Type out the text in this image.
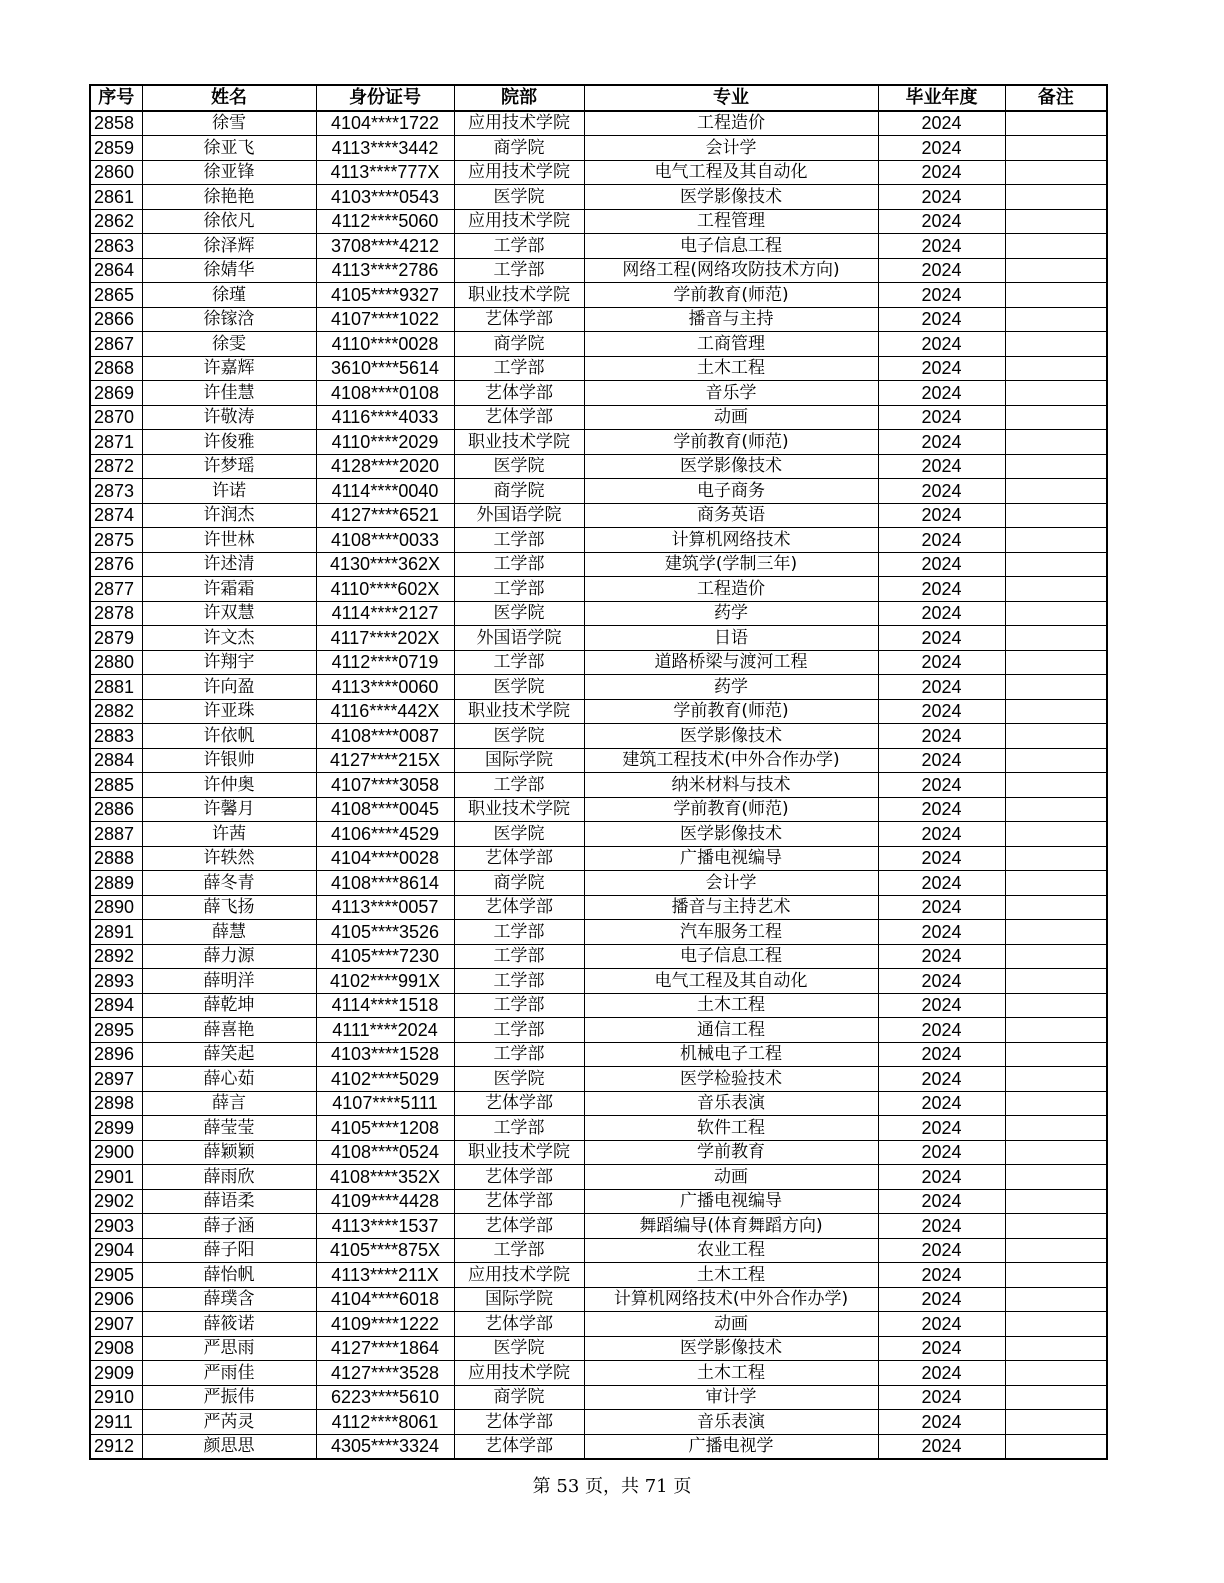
序号	姓名	身份证号	院部	专业	毕业年度	备注
2858	徐雪	4104****1722	应用技术学院	工程造价	2024	
2859	徐亚飞	4113****3442	商学院	会计学	2024	
2860	徐亚锋	4113****777X	应用技术学院	电气工程及其自动化	2024	
2861	徐艳艳	4103****0543	医学院	医学影像技术	2024	
2862	徐依凡	4112****5060	应用技术学院	工程管理	2024	
2863	徐泽辉	3708****4212	工学部	电子信息工程	2024	
2864	徐婧华	4113****2786	工学部	网络工程(网络攻防技术方向)	2024	
2865	徐瑾	4105****9327	职业技术学院	学前教育(师范)	2024	
2866	徐镓浛	4107****1022	艺体学部	播音与主持	2024	
2867	徐雯	4110****0028	商学院	工商管理	2024	
2868	许嘉辉	3610****5614	工学部	土木工程	2024	
2869	许佳慧	4108****0108	艺体学部	音乐学	2024	
2870	许敬涛	4116****4033	艺体学部	动画	2024	
2871	许俊雅	4110****2029	职业技术学院	学前教育(师范)	2024	
2872	许梦瑶	4128****2020	医学院	医学影像技术	2024	
2873	许诺	4114****0040	商学院	电子商务	2024	
2874	许润杰	4127****6521	外国语学院	商务英语	2024	
2875	许世林	4108****0033	工学部	计算机网络技术	2024	
2876	许述清	4130****362X	工学部	建筑学(学制三年)	2024	
2877	许霜霜	4110****602X	工学部	工程造价	2024	
2878	许双慧	4114****2127	医学院	药学	2024	
2879	许文杰	4117****202X	外国语学院	日语	2024	
2880	许翔宇	4112****0719	工学部	道路桥梁与渡河工程	2024	
2881	许向盈	4113****0060	医学院	药学	2024	
2882	许亚珠	4116****442X	职业技术学院	学前教育(师范)	2024	
2883	许依帆	4108****0087	医学院	医学影像技术	2024	
2884	许银帅	4127****215X	国际学院	建筑工程技术(中外合作办学)	2024	
2885	许仲奥	4107****3058	工学部	纳米材料与技术	2024	
2886	许馨月	4108****0045	职业技术学院	学前教育(师范)	2024	
2887	许茜	4106****4529	医学院	医学影像技术	2024	
2888	许轶然	4104****0028	艺体学部	广播电视编导	2024	
2889	薛冬青	4108****8614	商学院	会计学	2024	
2890	薛飞扬	4113****0057	艺体学部	播音与主持艺术	2024	
2891	薛慧	4105****3526	工学部	汽车服务工程	2024	
2892	薛力源	4105****7230	工学部	电子信息工程	2024	
2893	薛明洋	4102****991X	工学部	电气工程及其自动化	2024	
2894	薛乾坤	4114****1518	工学部	土木工程	2024	
2895	薛喜艳	4111****2024	工学部	通信工程	2024	
2896	薛笑起	4103****1528	工学部	机械电子工程	2024	
2897	薛心茹	4102****5029	医学院	医学检验技术	2024	
2898	薛言	4107****5111	艺体学部	音乐表演	2024	
2899	薛莹莹	4105****1208	工学部	软件工程	2024	
2900	薛颖颖	4108****0524	职业技术学院	学前教育	2024	
2901	薛雨欣	4108****352X	艺体学部	动画	2024	
2902	薛语柔	4109****4428	艺体学部	广播电视编导	2024	
2903	薛子涵	4113****1537	艺体学部	舞蹈编导(体育舞蹈方向)	2024	
2904	薛子阳	4105****875X	工学部	农业工程	2024	
2905	薛怡帆	4113****211X	应用技术学院	土木工程	2024	
2906	薛璞含	4104****6018	国际学院	计算机网络技术(中外合作办学)	2024	
2907	薛筱诺	4109****1222	艺体学部	动画	2024	
2908	严思雨	4127****1864	医学院	医学影像技术	2024	
2909	严雨佳	4127****3528	应用技术学院	土木工程	2024	
2910	严振伟	6223****5610	商学院	审计学	2024	
2911	严芮灵	4112****8061	艺体学部	音乐表演	2024	
2912	颜思思	4305****3324	艺体学部	广播电视学	2024	
第 53 页，共 71 页
